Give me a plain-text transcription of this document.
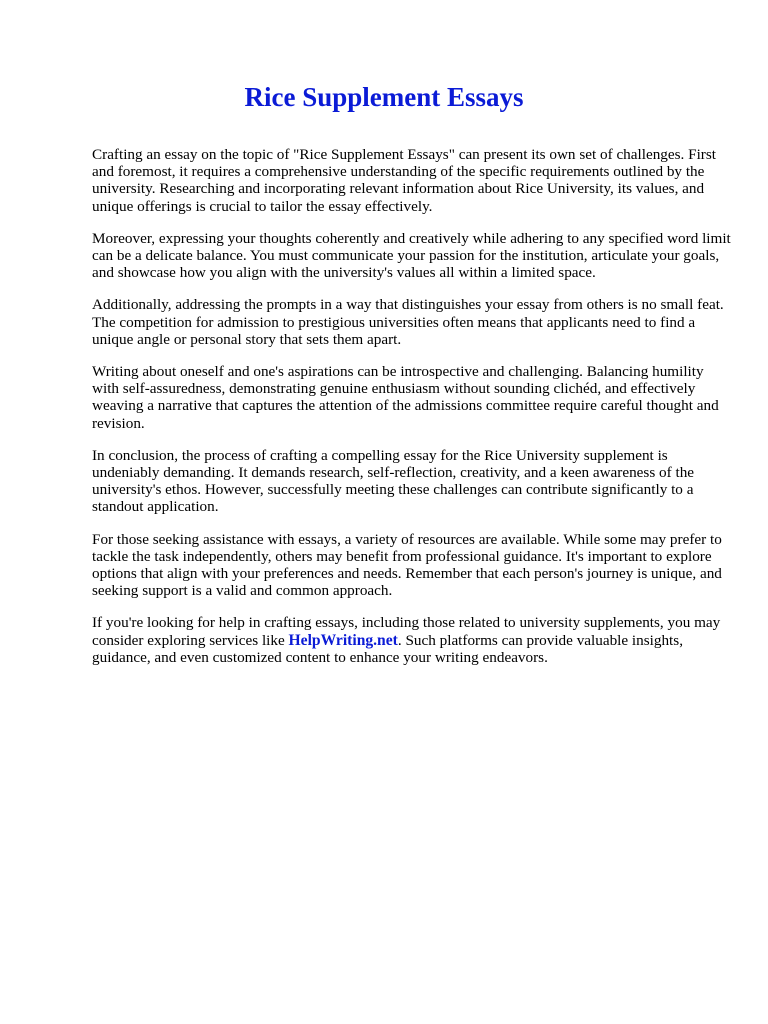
Rice Supplement Essays

Crafting an essay on the topic of "Rice Supplement Essays" can present its own set of challenges. First and foremost, it requires a comprehensive understanding of the specific requirements outlined by the university. Researching and incorporating relevant information about Rice University, its values, and unique offerings is crucial to tailor the essay effectively.

Moreover, expressing your thoughts coherently and creatively while adhering to any specified word limit can be a delicate balance. You must communicate your passion for the institution, articulate your goals, and showcase how you align with the university's values all within a limited space.

Additionally, addressing the prompts in a way that distinguishes your essay from others is no small feat. The competition for admission to prestigious universities often means that applicants need to find a unique angle or personal story that sets them apart.

Writing about oneself and one's aspirations can be introspective and challenging. Balancing humility with self-assuredness, demonstrating genuine enthusiasm without sounding clichéd, and effectively weaving a narrative that captures the attention of the admissions committee require careful thought and revision.

In conclusion, the process of crafting a compelling essay for the Rice University supplement is undeniably demanding. It demands research, self-reflection, creativity, and a keen awareness of the university's ethos. However, successfully meeting these challenges can contribute significantly to a standout application.

For those seeking assistance with essays, a variety of resources are available. While some may prefer to tackle the task independently, others may benefit from professional guidance. It's important to explore options that align with your preferences and needs. Remember that each person's journey is unique, and seeking support is a valid and common approach.

If you're looking for help in crafting essays, including those related to university supplements, you may consider exploring services like HelpWriting.net. Such platforms can provide valuable insights, guidance, and even customized content to enhance your writing endeavors.
